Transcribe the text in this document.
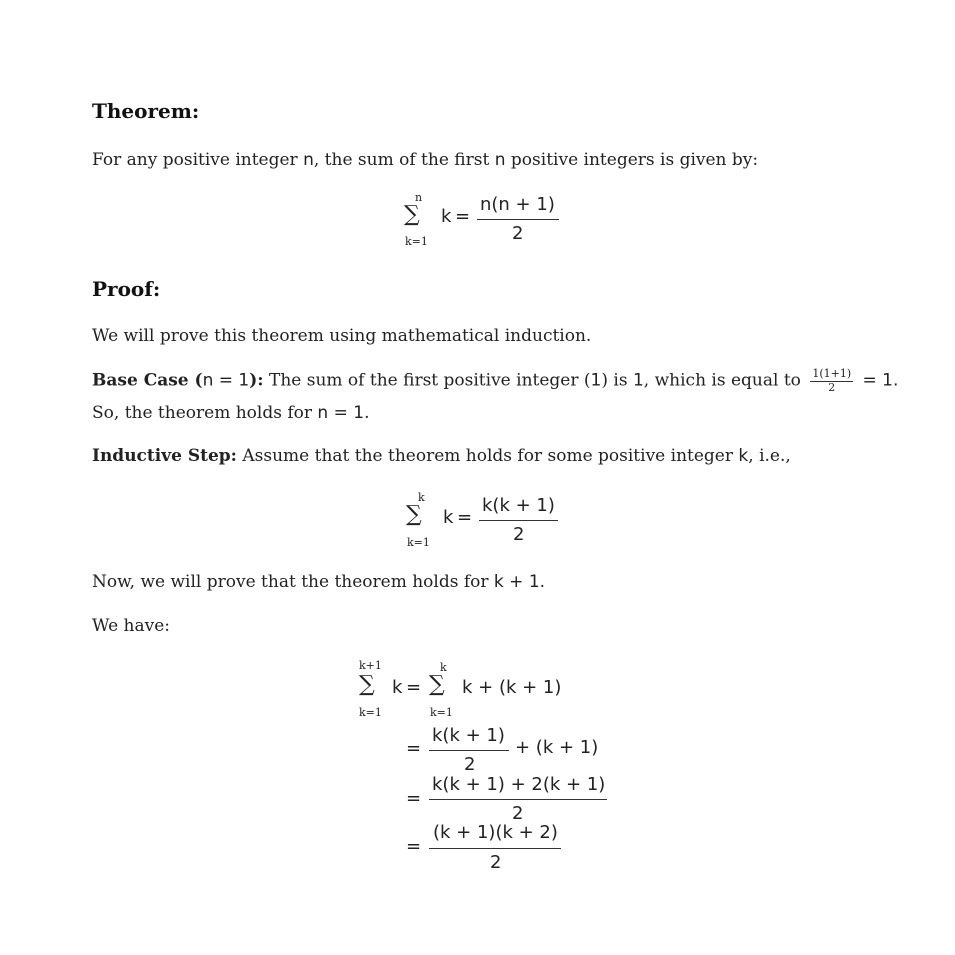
Theorem:
For any positive integer n, the sum of the first n positive integers is given by:
n
∑
k=1
k =
n(n + 1)
2
Proof:
We will prove this theorem using mathematical induction.
Base Case (n = 1): The sum of the first positive integer (1) is 1, which is equal to $\frac{1(1+1)}{2} = 1$.
So, the theorem holds for n = 1.
Inductive Step: Assume that the theorem holds for some positive integer k, i.e.,
k
∑
k=1
k =
k(k + 1)
2
Now, we will prove that the theorem holds for k + 1.
We have:
k+1
∑
k=1
k =
k
∑
k=1
k + (k + 1)
=
k(k + 1)
2
+ (k + 1)
=
k(k + 1) + 2(k + 1)
2
=
(k + 1)(k + 2)
2
